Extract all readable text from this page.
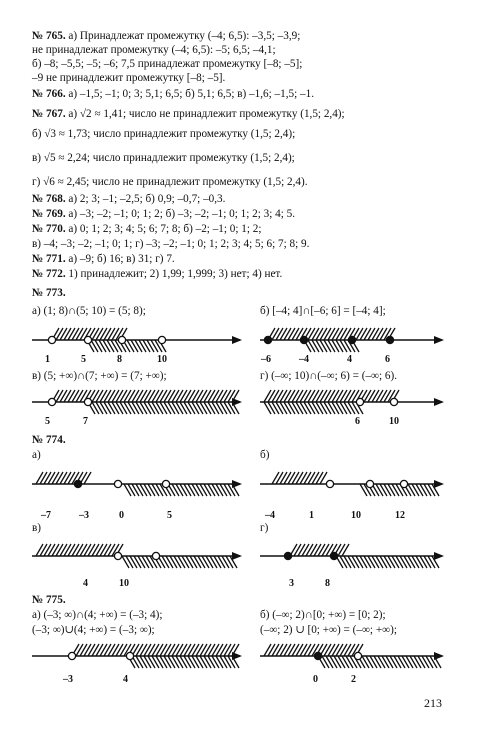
№ 765. а) Принадлежат промежутку (–4; 6,5): –3,5; –3,9;
не принадлежат промежутку (–4; 6,5): –5; 6,5; –4,1;
б) –8; –5,5; –5; –6; 7,5 принадлежат промежутку [–8; –5];
–9 не принадлежит промежутку [–8; –5].
№ 766. а) –1,5; –1; 0; 3; 5,1; 6,5; б) 5,1; 6,5; в) –1,6; –1,5; –1.
№ 767. а) √2 ≈ 1,41; число не принадлежит промежутку (1,5; 2,4);
б) √3 ≈ 1,73; число принадлежит промежутку (1,5; 2,4);
в) √5 ≈ 2,24; число принадлежит промежутку (1,5; 2,4);
г) √6 ≈ 2,45; число не принадлежит промежутку (1,5; 2,4).
№ 768. а) 2; 3; –1; –2,5; б) 0,9; –0,7; –0,3.
№ 769. а) –3; –2; –1; 0; 1; 2; б) –3; –2; –1; 0; 1; 2; 3; 4; 5.
№ 770. а) 0; 1; 2; 3; 4; 5; 6; 7; 8; б) –2; –1; 0; 1; 2;
в) –4; –3; –2; –1; 0; 1; г) –3; –2; –1; 0; 1; 2; 3; 4; 5; 6; 7; 8; 9.
№ 771. а) –9; б) 16; в) 31; г) 7.
№ 772. 1) принадлежит; 2) 1,99; 1,999; 3) нет; 4) нет.
№ 773.
а) (1; 8)∩(5; 10) = (5; 8);	б) [–4; 4]∩[–6; 6] = [–4; 4];
в) (5; +∞)∩(7; +∞) = (7; +∞);	г) (–∞; 10)∩(–∞; 6) = (–∞; 6).
№ 774.
а)	б)
в)	г)
№ 775.
а) (–3; ∞)∩(4; +∞) = (–3; 4);
(–3; ∞)∪(4; +∞) = (–3; ∞);
б) (–∞; 2)∩[0; +∞) = [0; 2);
(–∞; 2) ∪ [0; +∞) = (–∞; +∞);
213
1	5	8	10	–6	–4	4	6
5	7	6	10
–7	–3	0	5	–4	1	10	12
4	10	3	8
–3	4	0	2
